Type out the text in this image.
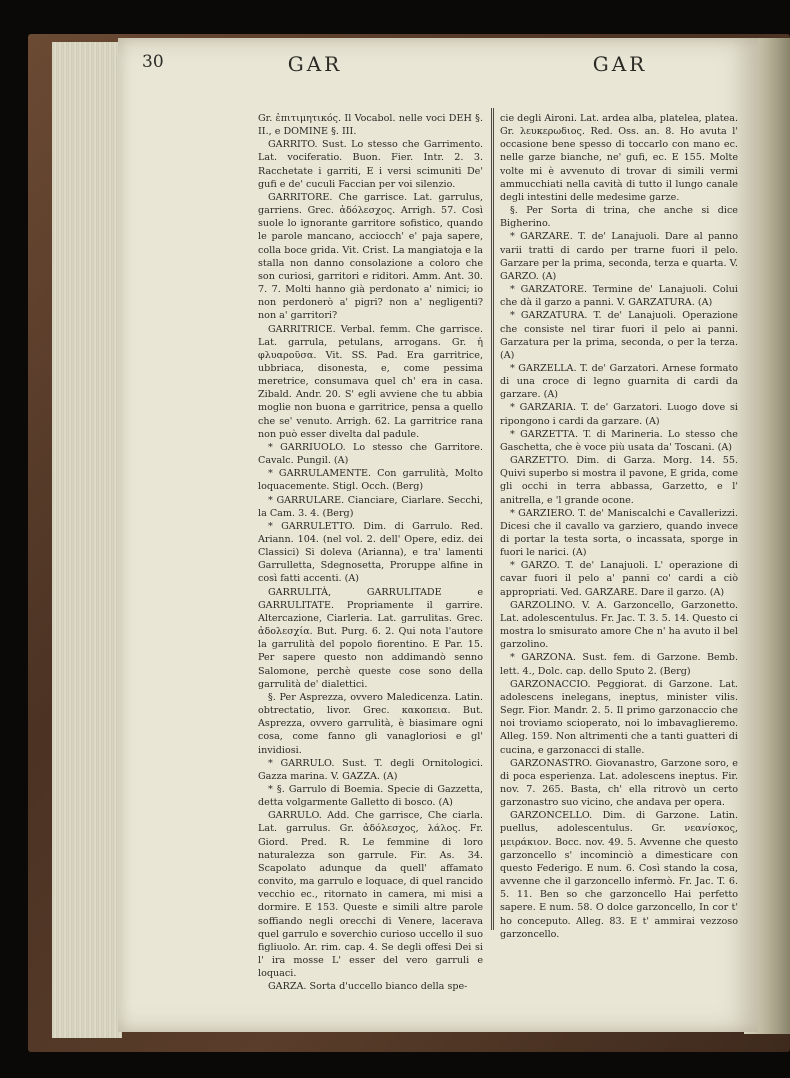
30	GAR	GAR

Gr. ἐπιτιμητικός. Il Vocabol. nelle voci DEH §. II., e DOMINE §. III.

GARRITO. Sust. Lo stesso che Garrimento. Lat. vociferatio. Buon. Fier. Intr. 2. 3. Racchetate i garriti, E i versi scimuniti De' gufi e de' cuculi Faccian per voi silenzio.

GARRITORE. Che garrisce. Lat. garrulus, garriens. Grec. ἀδόλεσχος. Arrigh. 57. Così suole lo ignorante garritore sofistico, quando le parole mancano, acciocch' e' paja sapere, colla boce grida. Vit. Crist. La mangiatoja e la stalla non danno consolazione a coloro che son curiosi, garritori e riditori. Amm. Ant. 30. 7. 7. Molti hanno già perdonato a' nimici; io non perdonerò a' pigri? non a' negligenti? non a' garritori?

GARRITRICE. Verbal. femm. Che garrisce. Lat. garrula, petulans, arrogans. Gr. ἡ φλυαροῦσα. Vit. SS. Pad. Era garritrice, ubbriaca, disonesta, e, come pessima meretrice, consumava quel ch' era in casa. Zibald. Andr. 20. S' egli avviene che tu abbia moglie non buona e garritrice, pensa a quello che se' venuto. Arrigh. 62. La garritrice rana non può esser divelta dal padule.

* GARRIUOLO. Lo stesso che Garritore. Cavalc. Pungil. (A)

* GARRULAMENTE. Con garrulità, Molto loquacemente. Stigl. Occh. (Berg)

* GARRULARE. Cianciare, Ciarlare. Secchi, la Cam. 3. 4. (Berg)

* GARRULETTO. Dim. di Garrulo. Red. Ariann. 104. (nel vol. 2. dell' Opere, ediz. dei Classici) Si doleva (Arianna), e tra' lamenti Garrulletta, Sdegnosetta, Proruppe alfine in così fatti accenti. (A)

GARRULITÀ, GARRULITADE e GARRULITATE. Propriamente il garrire. Altercazione, Ciarleria. Lat. garrulitas. Grec. ἀδολεσχία. But. Purg. 6. 2. Qui nota l'autore la garrulità del popolo fiorentino. E Par. 15. Per sapere questo non addimandò senno Salomone, perchè queste cose sono della garrulità de' dialettici.

§. Per Asprezza, ovvero Maledicenza. Latin. obtrectatio, livor. Grec. κακοπεια. But. Asprezza, ovvero garrulità, è biasimare ogni cosa, come fanno gli vanagloriosi e gl' invidiosi.

* GARRULO. Sust. T. degli Ornitologici. Gazza marina. V. GAZZA. (A)

* §. Garrulo di Boemia. Specie di Gazzetta, detta volgarmente Galletto di bosco. (A)

GARRULO. Add. Che garrisce, Che ciarla. Lat. garrulus. Gr. ἀδόλεσχος, λάλος. Fr. Giord. Pred. R. Le femmine di loro naturalezza son garrule. Fir. As. 34. Scapolato adunque da quell' affamato convito, ma garrulo e loquace, di quel rancido vecchio ec., ritornato in camera, mi misi a dormire. E 153. Queste e simili altre parole soffiando negli orecchi di Venere, lacerava quel garrulo e soverchio curioso uccello il suo figliuolo. Ar. rim. cap. 4. Se degli offesi Dei si l' ira mosse L' esser del vero garruli e loquaci.

GARZA. Sorta d'uccello bianco della spe-

cie degli Aironi. Lat. ardea alba, platelea, platea. Gr. λευκερωδιος. Red. Oss. an. 8. Ho avuta l' occasione bene spesso di toccarlo con mano ec. nelle garze bianche, ne' gufi, ec. E 155. Molte volte mi è avvenuto di trovar di simili vermi ammucchiati nella cavità di tutto il lungo canale degli intestini delle medesime garze.

§. Per Sorta di trina, che anche si dice Bigherino.

* GARZARE. T. de' Lanajuoli. Dare al panno varii tratti di cardo per trarne fuori il pelo. Garzare per la prima, seconda, terza e quarta. V. GARZO. (A)

* GARZATORE. Termine de' Lanajuoli. Colui che dà il garzo a panni. V. GARZATURA. (A)

* GARZATURA. T. de' Lanajuoli. Operazione che consiste nel tirar fuori il pelo ai panni. Garzatura per la prima, seconda, o per la terza. (A)

* GARZELLA. T. de' Garzatori. Arnese formato di una croce di legno guarnita di cardi da garzare. (A)

* GARZARIA. T. de' Garzatori. Luogo dove si ripongono i cardi da garzare. (A)

* GARZETTA. T. di Marineria. Lo stesso che Gaschetta, che è voce più usata da' Toscani. (A)

GARZETTO. Dim. di Garza. Morg. 14. 55. Quivi superbo si mostra il pavone, E grida, come gli occhi in terra abbassa, Garzetto, e l' anitrella, e 'l grande ocone.

* GARZIERO. T. de' Maniscalchi e Cavallerizzi. Dicesi che il cavallo va garziero, quando invece di portar la testa sorta, o incassata, sporge in fuori le narici. (A)

* GARZO. T. de' Lanajuoli. L' operazione di cavar fuori il pelo a' panni co' cardi a ciò appropriati. Ved. GARZARE. Dare il garzo. (A)

GARZOLINO. V. A. Garzoncello, Garzonetto. Lat. adolescentulus. Fr. Jac. T. 3. 5. 14. Questo ci mostra lo smisurato amore Che n' ha avuto il bel garzolino.

* GARZONA. Sust. fem. di Garzone. Bemb. lett. 4., Dolc. cap. dello Sputo 2. (Berg)

GARZONACCIO. Peggiorat. di Garzone. Lat. adolescens inelegans, ineptus, minister vilis. Segr. Fior. Mandr. 2. 5. Il primo garzonaccio che noi troviamo scioperato, noi lo imbavaglieremo. Alleg. 159. Non altrimenti che a tanti guatteri di cucina, e garzonacci di stalle.

GARZONASTRO. Giovanastro, Garzone soro, e di poca esperienza. Lat. adolescens ineptus. Fir. nov. 7. 265. Basta, ch' ella ritrovò un certo garzonastro suo vicino, che andava per opera.

GARZONCELLO. Dim. di Garzone. Latin. puellus, adolescentulus. Gr. νεανίσκος, μειράκιον. Bocc. nov. 49. 5. Avvenne che questo garzoncello s' incominciò a dimesticare con questo Federigo. E num. 6. Così stando la cosa, avvenne che il garzoncello infermò. Fr. Jac. T. 6. 5. 11. Ben so che garzoncello Hai perfetto sapere. E num. 58. O dolce garzoncello, In cor t' ho conceputo. Alleg. 83. E t' ammirai vezzoso garzoncello.
